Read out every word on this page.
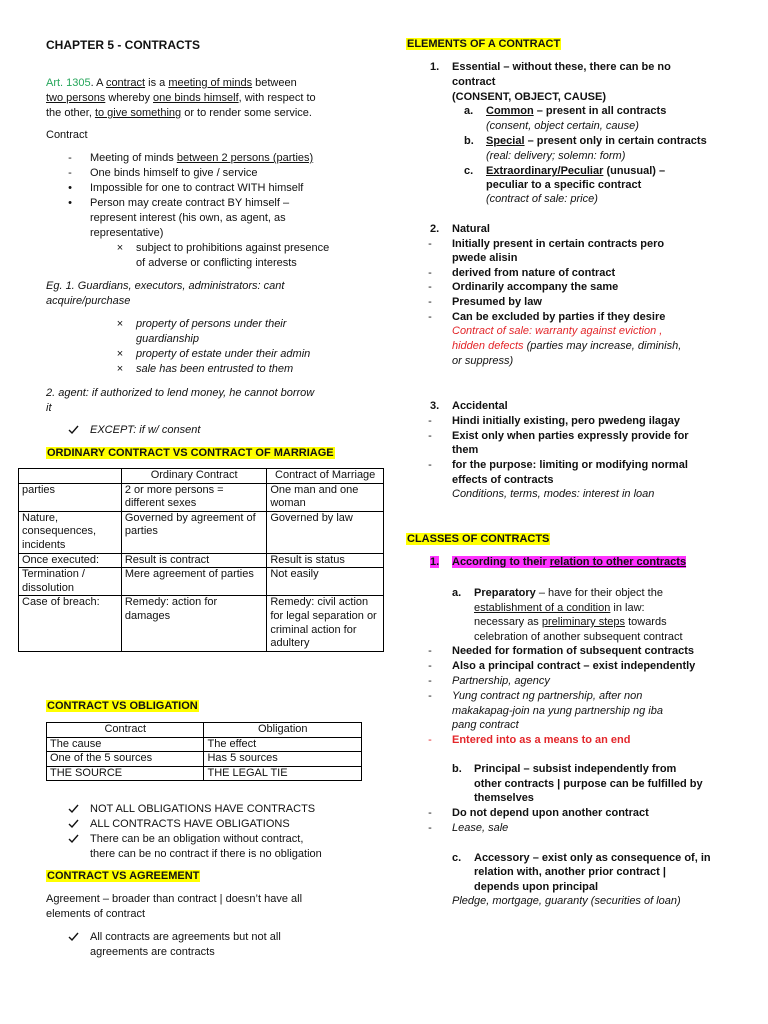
CHAPTER 5 - CONTRACTS
Art. 1305. A contract is a meeting of minds between
two persons whereby one binds himself, with respect to
the other, to give something or to render some service.
Contract
-	Meeting of minds between 2 persons (parties)
-	One binds himself to give / service
•	Impossible for one to contract WITH himself
•	Person may create contract BY himself –
represent interest (his own, as agent, as
representative)
×	subject to prohibitions against presence
of adverse or conflicting interests
Eg. 1. Guardians, executors, administrators: cant
acquire/purchase
×	property of persons under their
guardianship
×	property of estate under their admin
×	sale has been entrusted to them
2. agent: if authorized to lend money, he cannot borrow
it
EXCEPT: if w/ consent
ORDINARY CONTRACT VS CONTRACT OF MARRIAGE
	Ordinary Contract	Contract of Marriage
parties	2 or more persons = different sexes	One man and one woman
Nature, consequences, incidents	Governed by agreement of parties	Governed by law
Once executed:	Result is contract	Result is status
Termination / dissolution	Mere agreement of parties	Not easily
Case of breach:	Remedy: action for damages	Remedy: civil action for legal separation or criminal action for adultery
CONTRACT VS OBLIGATION
Contract	Obligation
The cause	The effect
One of the 5 sources	Has 5 sources
THE SOURCE	THE LEGAL TIE
NOT ALL OBLIGATIONS HAVE CONTRACTS
ALL CONTRACTS HAVE OBLIGATIONS
There can be an obligation without contract,
there can be no contract if there is no obligation
CONTRACT VS AGREEMENT
Agreement – broader than contract | doesn’t have all
elements of contract
All contracts are agreements but not all
agreements are contracts
ELEMENTS OF A CONTRACT
1. Essential – without these, there can be no
contract
(CONSENT, OBJECT, CAUSE)
a. Common – present in all contracts
(consent, object certain, cause)
b. Special – present only in certain contracts
(real: delivery; solemn: form)
c. Extraordinary/Peculiar (unusual) –
peculiar to a specific contract
(contract of sale: price)
2. Natural
-	Initially present in certain contracts pero
pwede alisin
-	derived from nature of contract
-	Ordinarily accompany the same
-	Presumed by law
-	Can be excluded by parties if they desire
Contract of sale: warranty against eviction ,
hidden defects (parties may increase, diminish,
or suppress)
3. Accidental
-	Hindi initially existing, pero pwedeng ilagay
-	Exist only when parties expressly provide for
them
-	for the purpose: limiting or modifying normal
effects of contracts
Conditions, terms, modes: interest in loan
CLASSES OF CONTRACTS
1. According to their relation to other contracts
a. Preparatory – have for their object the
establishment of a condition in law:
necessary as preliminary steps towards
celebration of another subsequent contract
-	Needed for formation of subsequent contracts
-	Also a principal contract – exist independently
-	Partnership, agency
-	Yung contract ng partnership, after non
makakapag-join na yung partnership ng iba
pang contract
-	Entered into as a means to an end
b. Principal – subsist independently from
other contracts | purpose can be fulfilled by
themselves
-	Do not depend upon another contract
-	Lease, sale
c. Accessory – exist only as consequence of, in
relation with, another prior contract |
depends upon principal
Pledge, mortgage, guaranty (securities of loan)
